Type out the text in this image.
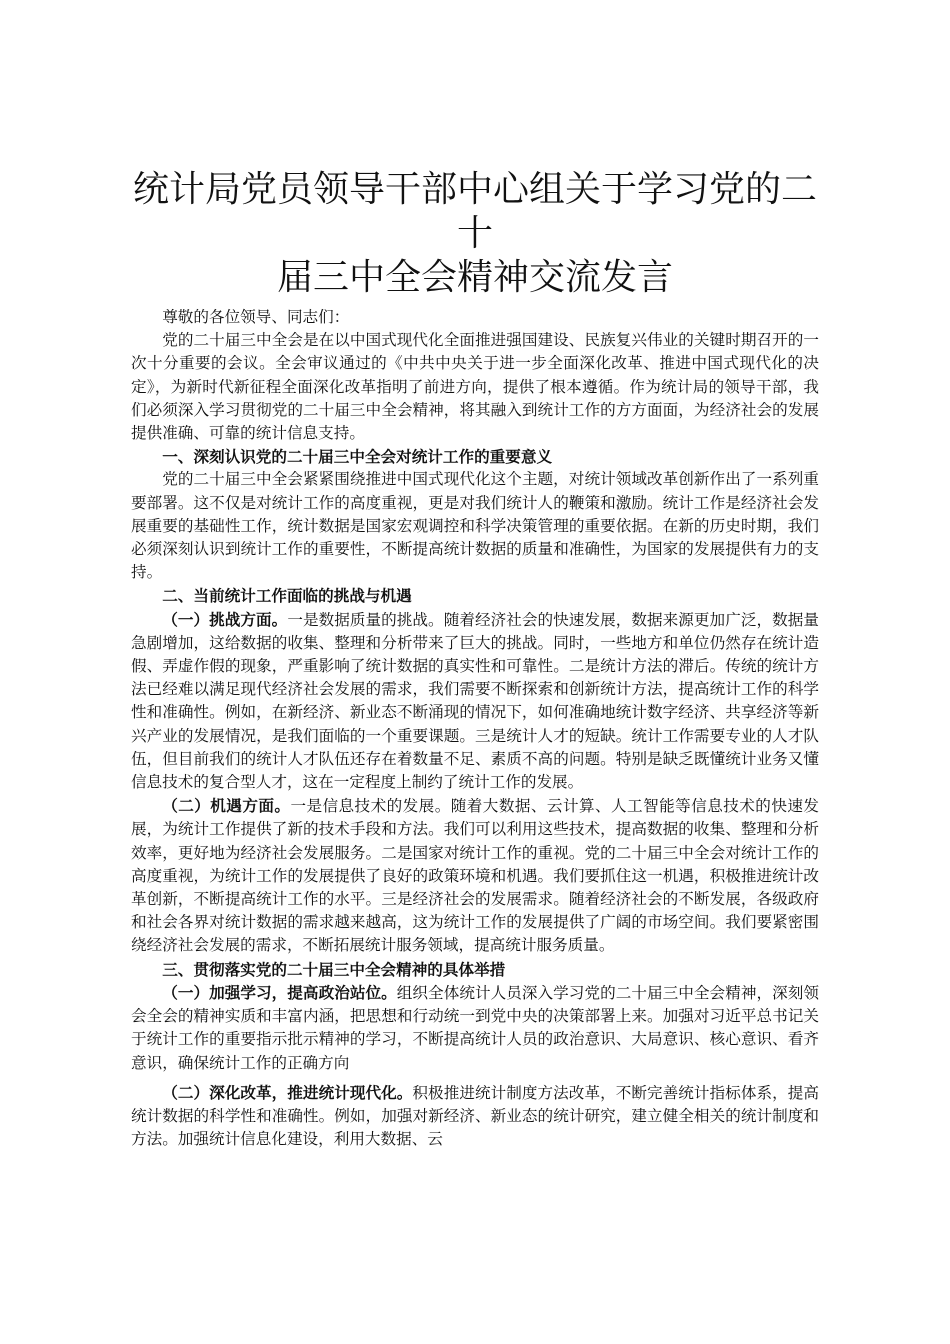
统计局党员领导干部中心组关于学习党的二十
届三中全会精神交流发言

尊敬的各位领导、同志们：

党的二十届三中全会是在以中国式现代化全面推进强国建设、民族复兴伟业的关键时期召开的一次十分重要的会议。全会审议通过的《中共中央关于进一步全面深化改革、推进中国式现代化的决定》，为新时代新征程全面深化改革指明了前进方向，提供了根本遵循。作为统计局的领导干部，我们必须深入学习贯彻党的二十届三中全会精神，将其融入到统计工作的方方面面，为经济社会的发展提供准确、可靠的统计信息支持。

一、深刻认识党的二十届三中全会对统计工作的重要意义

党的二十届三中全会紧紧围绕推进中国式现代化这个主题，对统计领域改革创新作出了一系列重要部署。这不仅是对统计工作的高度重视，更是对我们统计人的鞭策和激励。统计工作是经济社会发展重要的基础性工作，统计数据是国家宏观调控和科学决策管理的重要依据。在新的历史时期，我们必须深刻认识到统计工作的重要性，不断提高统计数据的质量和准确性，为国家的发展提供有力的支持。

二、当前统计工作面临的挑战与机遇

（一）挑战方面。一是数据质量的挑战。随着经济社会的快速发展，数据来源更加广泛，数据量急剧增加，这给数据的收集、整理和分析带来了巨大的挑战。同时，一些地方和单位仍然存在统计造假、弄虚作假的现象，严重影响了统计数据的真实性和可靠性。二是统计方法的滞后。传统的统计方法已经难以满足现代经济社会发展的需求，我们需要不断探索和创新统计方法，提高统计工作的科学性和准确性。例如，在新经济、新业态不断涌现的情况下，如何准确地统计数字经济、共享经济等新兴产业的发展情况，是我们面临的一个重要课题。三是统计人才的短缺。统计工作需要专业的人才队伍，但目前我们的统计人才队伍还存在着数量不足、素质不高的问题。特别是缺乏既懂统计业务又懂信息技术的复合型人才，这在一定程度上制约了统计工作的发展。

（二）机遇方面。一是信息技术的发展。随着大数据、云计算、人工智能等信息技术的快速发展，为统计工作提供了新的技术手段和方法。我们可以利用这些技术，提高数据的收集、整理和分析效率，更好地为经济社会发展服务。二是国家对统计工作的重视。党的二十届三中全会对统计工作的高度重视，为统计工作的发展提供了良好的政策环境和机遇。我们要抓住这一机遇，积极推进统计改革创新，不断提高统计工作的水平。三是经济社会的发展需求。随着经济社会的不断发展，各级政府和社会各界对统计数据的需求越来越高，这为统计工作的发展提供了广阔的市场空间。我们要紧密围绕经济社会发展的需求，不断拓展统计服务领域，提高统计服务质量。

三、贯彻落实党的二十届三中全会精神的具体举措

（一）加强学习，提高政治站位。组织全体统计人员深入学习党的二十届三中全会精神，深刻领会全会的精神实质和丰富内涵，把思想和行动统一到党中央的决策部署上来。加强对习近平总书记关于统计工作的重要指示批示精神的学习，不断提高统计人员的政治意识、大局意识、核心意识、看齐意识，确保统计工作的正确方向

（二）深化改革，推进统计现代化。积极推进统计制度方法改革，不断完善统计指标体系，提高统计数据的科学性和准确性。例如，加强对新经济、新业态的统计研究，建立健全相关的统计制度和方法。加强统计信息化建设，利用大数据、云
